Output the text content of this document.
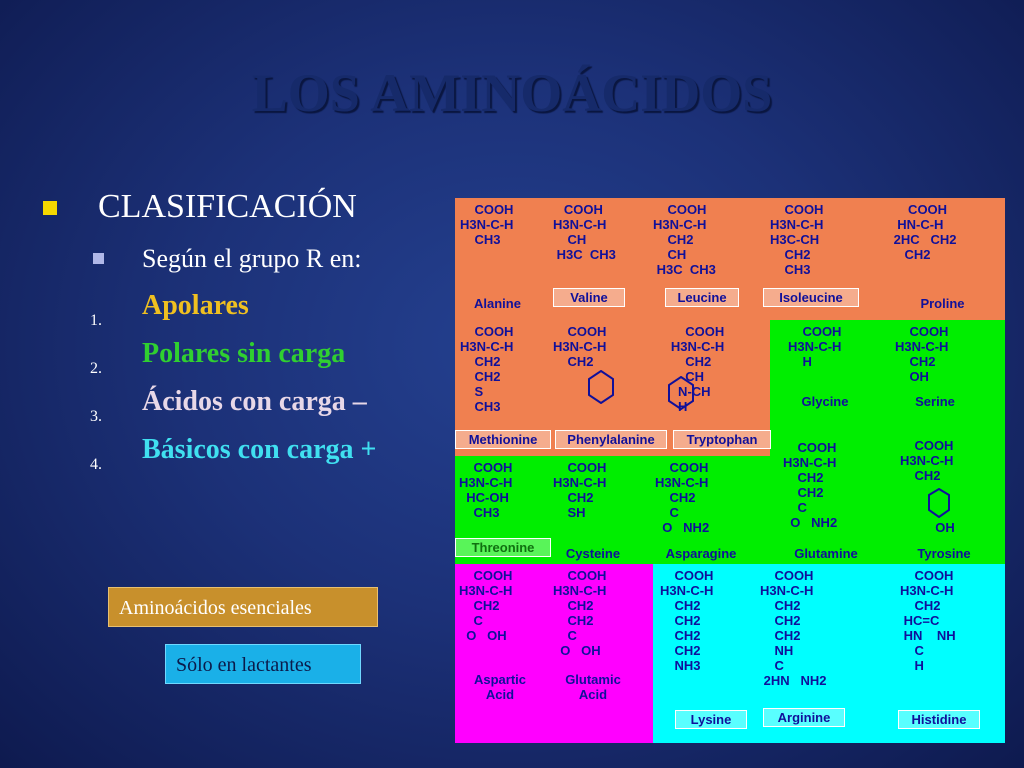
LOS AMINOÁCIDOS
CLASIFICACIÓN
Según el grupo R en:
1. Apolares
2. Polares sin carga
3. Ácidos con carga –
4. Básicos con carga +
Aminoácidos esenciales
Sólo en lactantes
COOH
H3N-C-H
CH3
Alanine
COOH
H3N-C-H
CH
H3C  CH3
Valine
COOH
H3N-C-H
CH2
CH
H3C  CH3
Leucine
COOH
H3N-C-H
H3C-CH
CH2
CH3
Isoleucine
COOH
HN-C-H
2HC   CH2
CH2
Proline
COOH
H3N-C-H
CH2
CH2
S
CH3
Methionine
COOH
H3N-C-H
CH2
Phenylalanine
COOH
H3N-C-H
CH2
CH
N-CH
H
Tryptophan
COOH
H3N-C-H
H
Glycine
COOH
H3N-C-H
CH2
OH
Serine
COOH
H3N-C-H
HC-OH
CH3
Threonine
COOH
H3N-C-H
CH2
SH
Cysteine
COOH
H3N-C-H
CH2
C
O   NH2
Asparagine
COOH
H3N-C-H
CH2
CH2
C
O   NH2
Glutamine
COOH
H3N-C-H
CH2
OH
Tyrosine
COOH
H3N-C-H
CH2
C
O   OH
Aspartic
Acid
COOH
H3N-C-H
CH2
CH2
C
O   OH
Glutamic
Acid
COOH
H3N-C-H
CH2
CH2
CH2
CH2
NH3
Lysine
COOH
H3N-C-H
CH2
CH2
CH2
NH
C
2HN   NH2
Arginine
COOH
H3N-C-H
CH2
HC=C
HN    NH
C
H
Histidine
